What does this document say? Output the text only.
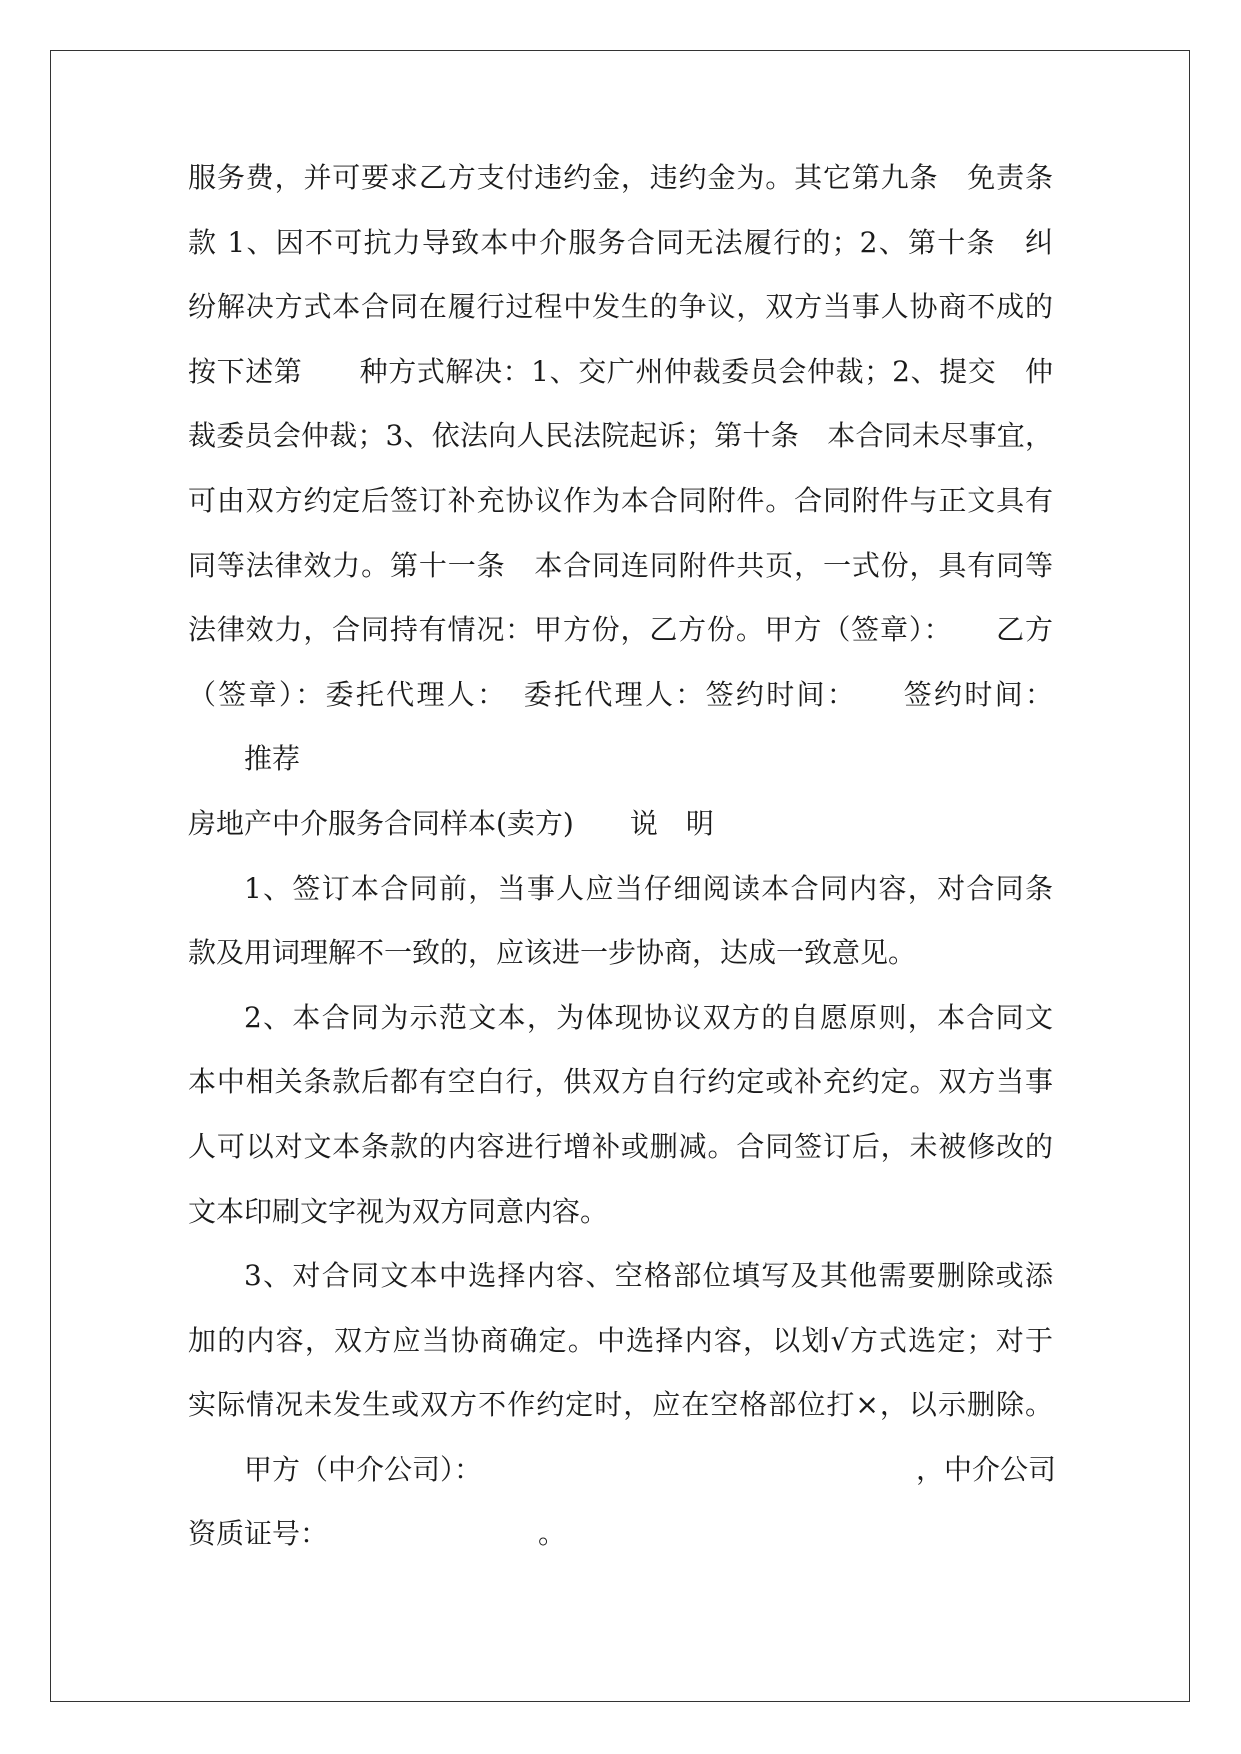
服务费，并可要求乙方支付违约金，违约金为。其它第九条　免责条
款 1、因不可抗力导致本中介服务合同无法履行的；2、第十条　纠
纷解决方式本合同在履行过程中发生的争议，双方当事人协商不成的
按下述第　　种方式解决：1、交广州仲裁委员会仲裁；2、提交　仲
裁委员会仲裁；3、依法向人民法院起诉；第十条　本合同未尽事宜，
可由双方约定后签订补充协议作为本合同附件。合同附件与正文具有
同等法律效力。第十一条　本合同连同附件共页，一式份，具有同等
法律效力，合同持有情况：甲方份，乙方份。甲方（签章）：　　乙方
（签章）：委托代理人：　委托代理人：签约时间：　　签约时间：
推荐
房地产中介服务合同样本(卖方)　　说　明
1、签订本合同前，当事人应当仔细阅读本合同内容，对合同条
款及用词理解不一致的，应该进一步协商，达成一致意见。
2、本合同为示范文本，为体现协议双方的自愿原则，本合同文
本中相关条款后都有空白行，供双方自行约定或补充约定。双方当事
人可以对文本条款的内容进行增补或删减。合同签订后，未被修改的
文本印刷文字视为双方同意内容。
3、对合同文本中选择内容、空格部位填写及其他需要删除或添
加的内容，双方应当协商确定。中选择内容，以划√方式选定；对于
实际情况未发生或双方不作约定时，应在空格部位打×，以示删除。
甲方（中介公司）：　　　　　　　　　　　　　　　　，中介公司
资质证号：　　　　　　　　。
